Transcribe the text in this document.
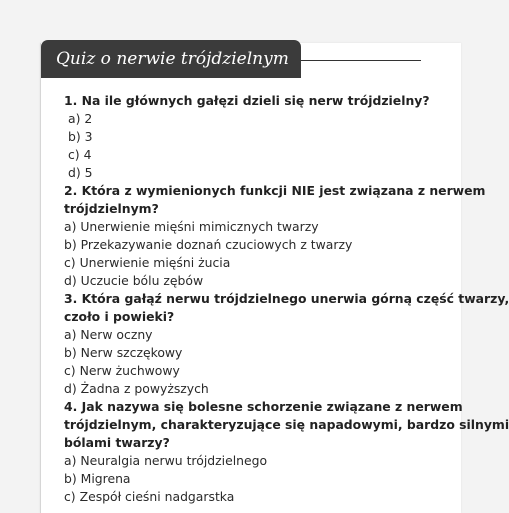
Quiz o nerwie trójdzielnym

1. Na ile głównych gałęzi dzieli się nerw trójdzielny?

a) 2

b) 3

c) 4

d) 5

2. Która z wymienionych funkcji NIE jest związana z nerwem

trójdzielnym?

a) Unerwienie mięśni mimicznych twarzy

b) Przekazywanie doznań czuciowych z twarzy

c) Unerwienie mięśni żucia

d) Uczucie bólu zębów

3. Która gałąź nerwu trójdzielnego unerwia górną część twarzy,

czoło i powieki?

a) Nerw oczny

b) Nerw szczękowy

c) Nerw żuchwowy

d) Żadna z powyższych

4. Jak nazywa się bolesne schorzenie związane z nerwem

trójdzielnym, charakteryzujące się napadowymi, bardzo silnymi

bólami twarzy?

a) Neuralgia nerwu trójdzielnego

b) Migrena

c) Zespół cieśni nadgarstka
